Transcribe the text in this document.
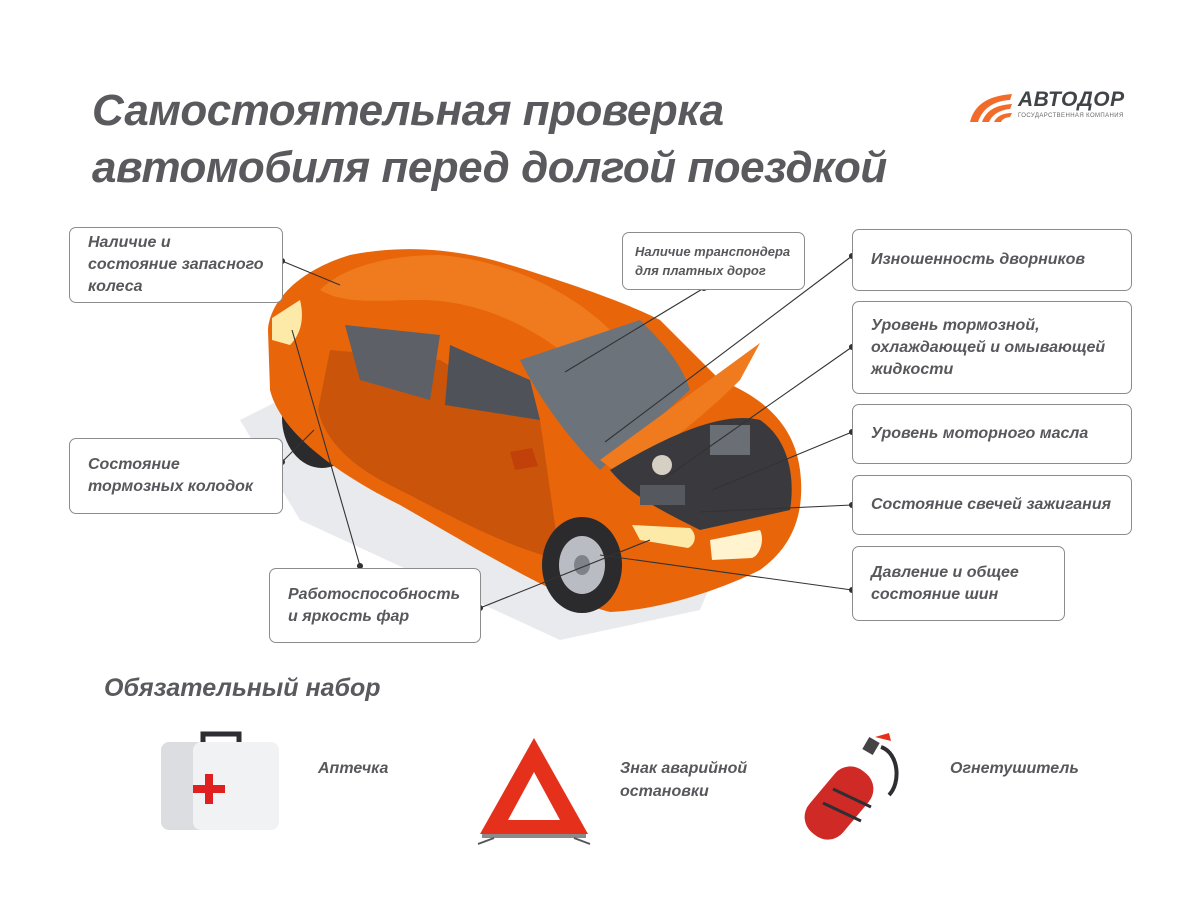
Самостоятельная проверка
автомобиля перед долгой поездкой
АВТОДОР
ГОСУДАРСТВЕННАЯ КОМПАНИЯ
Наличие и состояние запасного колеса
Наличие транспондера для платных дорог
Изношенность дворников
Уровень тормозной, охлаждающей и омывающей жидкости
Уровень моторного масла
Состояние свечей зажигания
Состояние тормозных колодок
Работоспособность и яркость фар
Давление и общее состояние шин
Обязательный набор
Аптечка	Знак аварийной остановки
Огнетушитель
